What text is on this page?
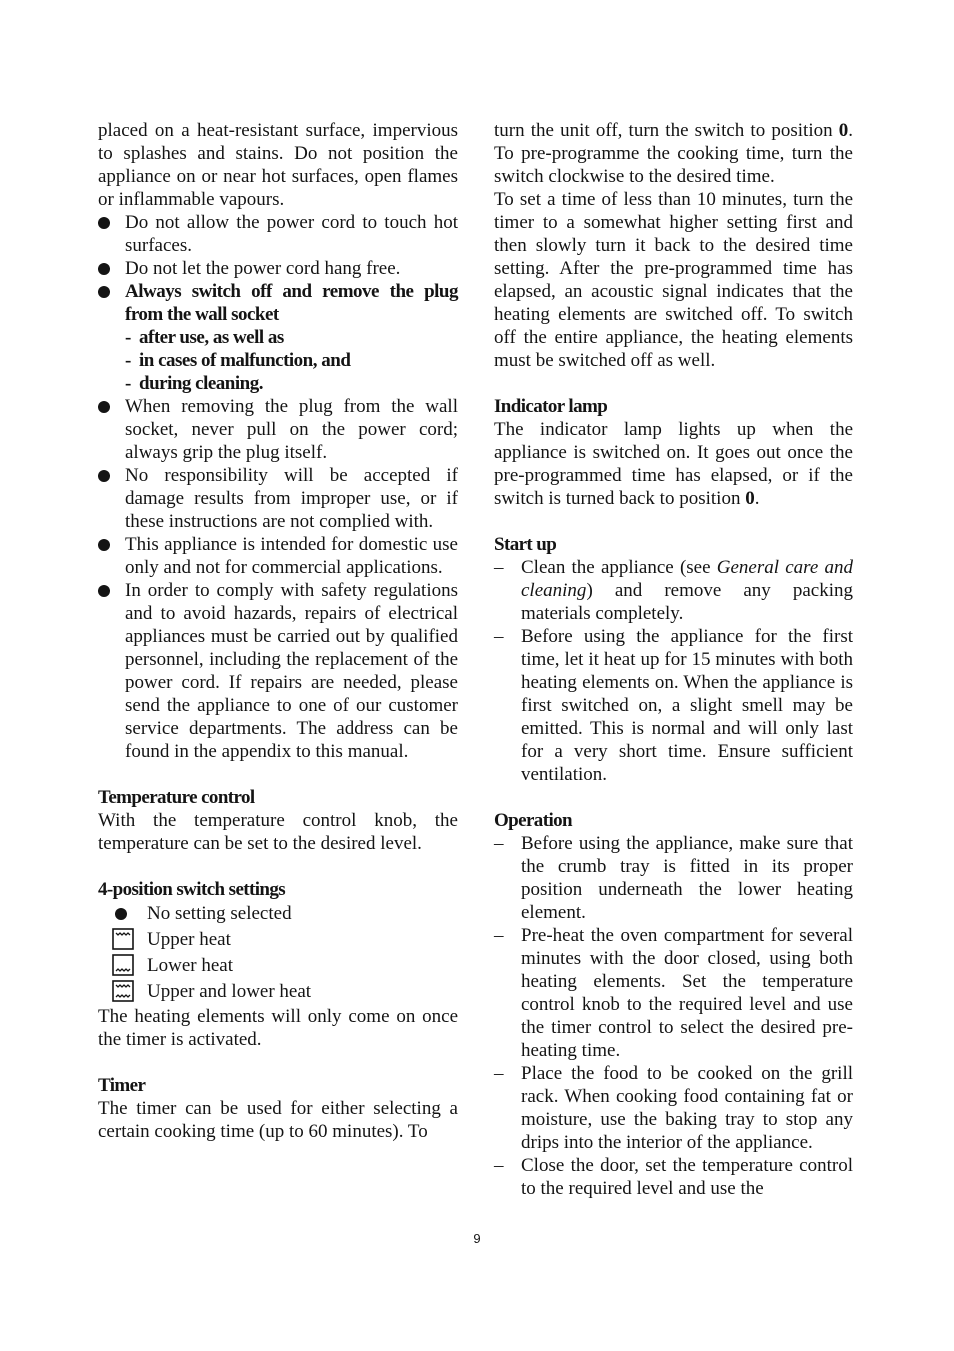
placed on a heat-resistant surface, impervious to splashes and stains. Do not position the appliance on or near hot surfaces, open flames or inflammable vapours.

Do not allow the power cord to touch hot surfaces.
Do not let the power cord hang free.
Always switch off and remove the plug from the wall socket
- after use, as well as
- in cases of malfunction, and
- during cleaning.
When removing the plug from the wall socket, never pull on the power cord; always grip the plug itself.
No responsibility will be accepted if damage results from improper use, or if these instructions are not complied with.
This appliance is intended for domestic use only and not for commercial applications.
In order to comply with safety regulations and to avoid hazards, repairs of electrical appliances must be carried out by qualified personnel, including the replacement of the power cord. If repairs are needed, please send the appliance to one of our customer service departments. The address can be found in the appendix to this manual.

Temperature control

With the temperature control knob, the temperature can be set to the desired level.

4-position switch settings

No setting selected
Upper heat
Lower heat
Upper and lower heat

The heating elements will only come on once the timer is activated.

Timer

The timer can be used for either selecting a certain cooking time (up to 60 minutes). To

turn the unit off, turn the switch to position 0. To pre-programme the cooking time, turn the switch clockwise to the desired time.

To set a time of less than 10 minutes, turn the timer to a somewhat higher setting first and then slowly turn it back to the desired time setting. After the pre-programmed time has elapsed, an acoustic signal indicates that the heating elements are switched off. To switch off the entire appliance, the heating elements must be switched off as well.

Indicator lamp

The indicator lamp lights up when the appliance is switched on. It goes out once the pre-programmed time has elapsed, or if the switch is turned back to position 0.

Start up

– Clean the appliance (see General care and cleaning) and remove any packing materials completely.
– Before using the appliance for the first time, let it heat up for 15 minutes with both heating elements on. When the appliance is first switched on, a slight smell may be emitted. This is normal and will only last for a very short time. Ensure sufficient ventilation.

Operation

– Before using the appliance, make sure that the crumb tray is fitted in its proper position underneath the lower heating element.
– Pre-heat the oven compartment for several minutes with the door closed, using both heating elements. Set the temperature control knob to the required level and use the timer control to select the desired pre-heating time.
– Place the food to be cooked on the grill rack. When cooking food containing fat or moisture, use the baking tray to stop any drips into the interior of the appliance.
– Close the door, set the temperature control to the required level and use the
9
